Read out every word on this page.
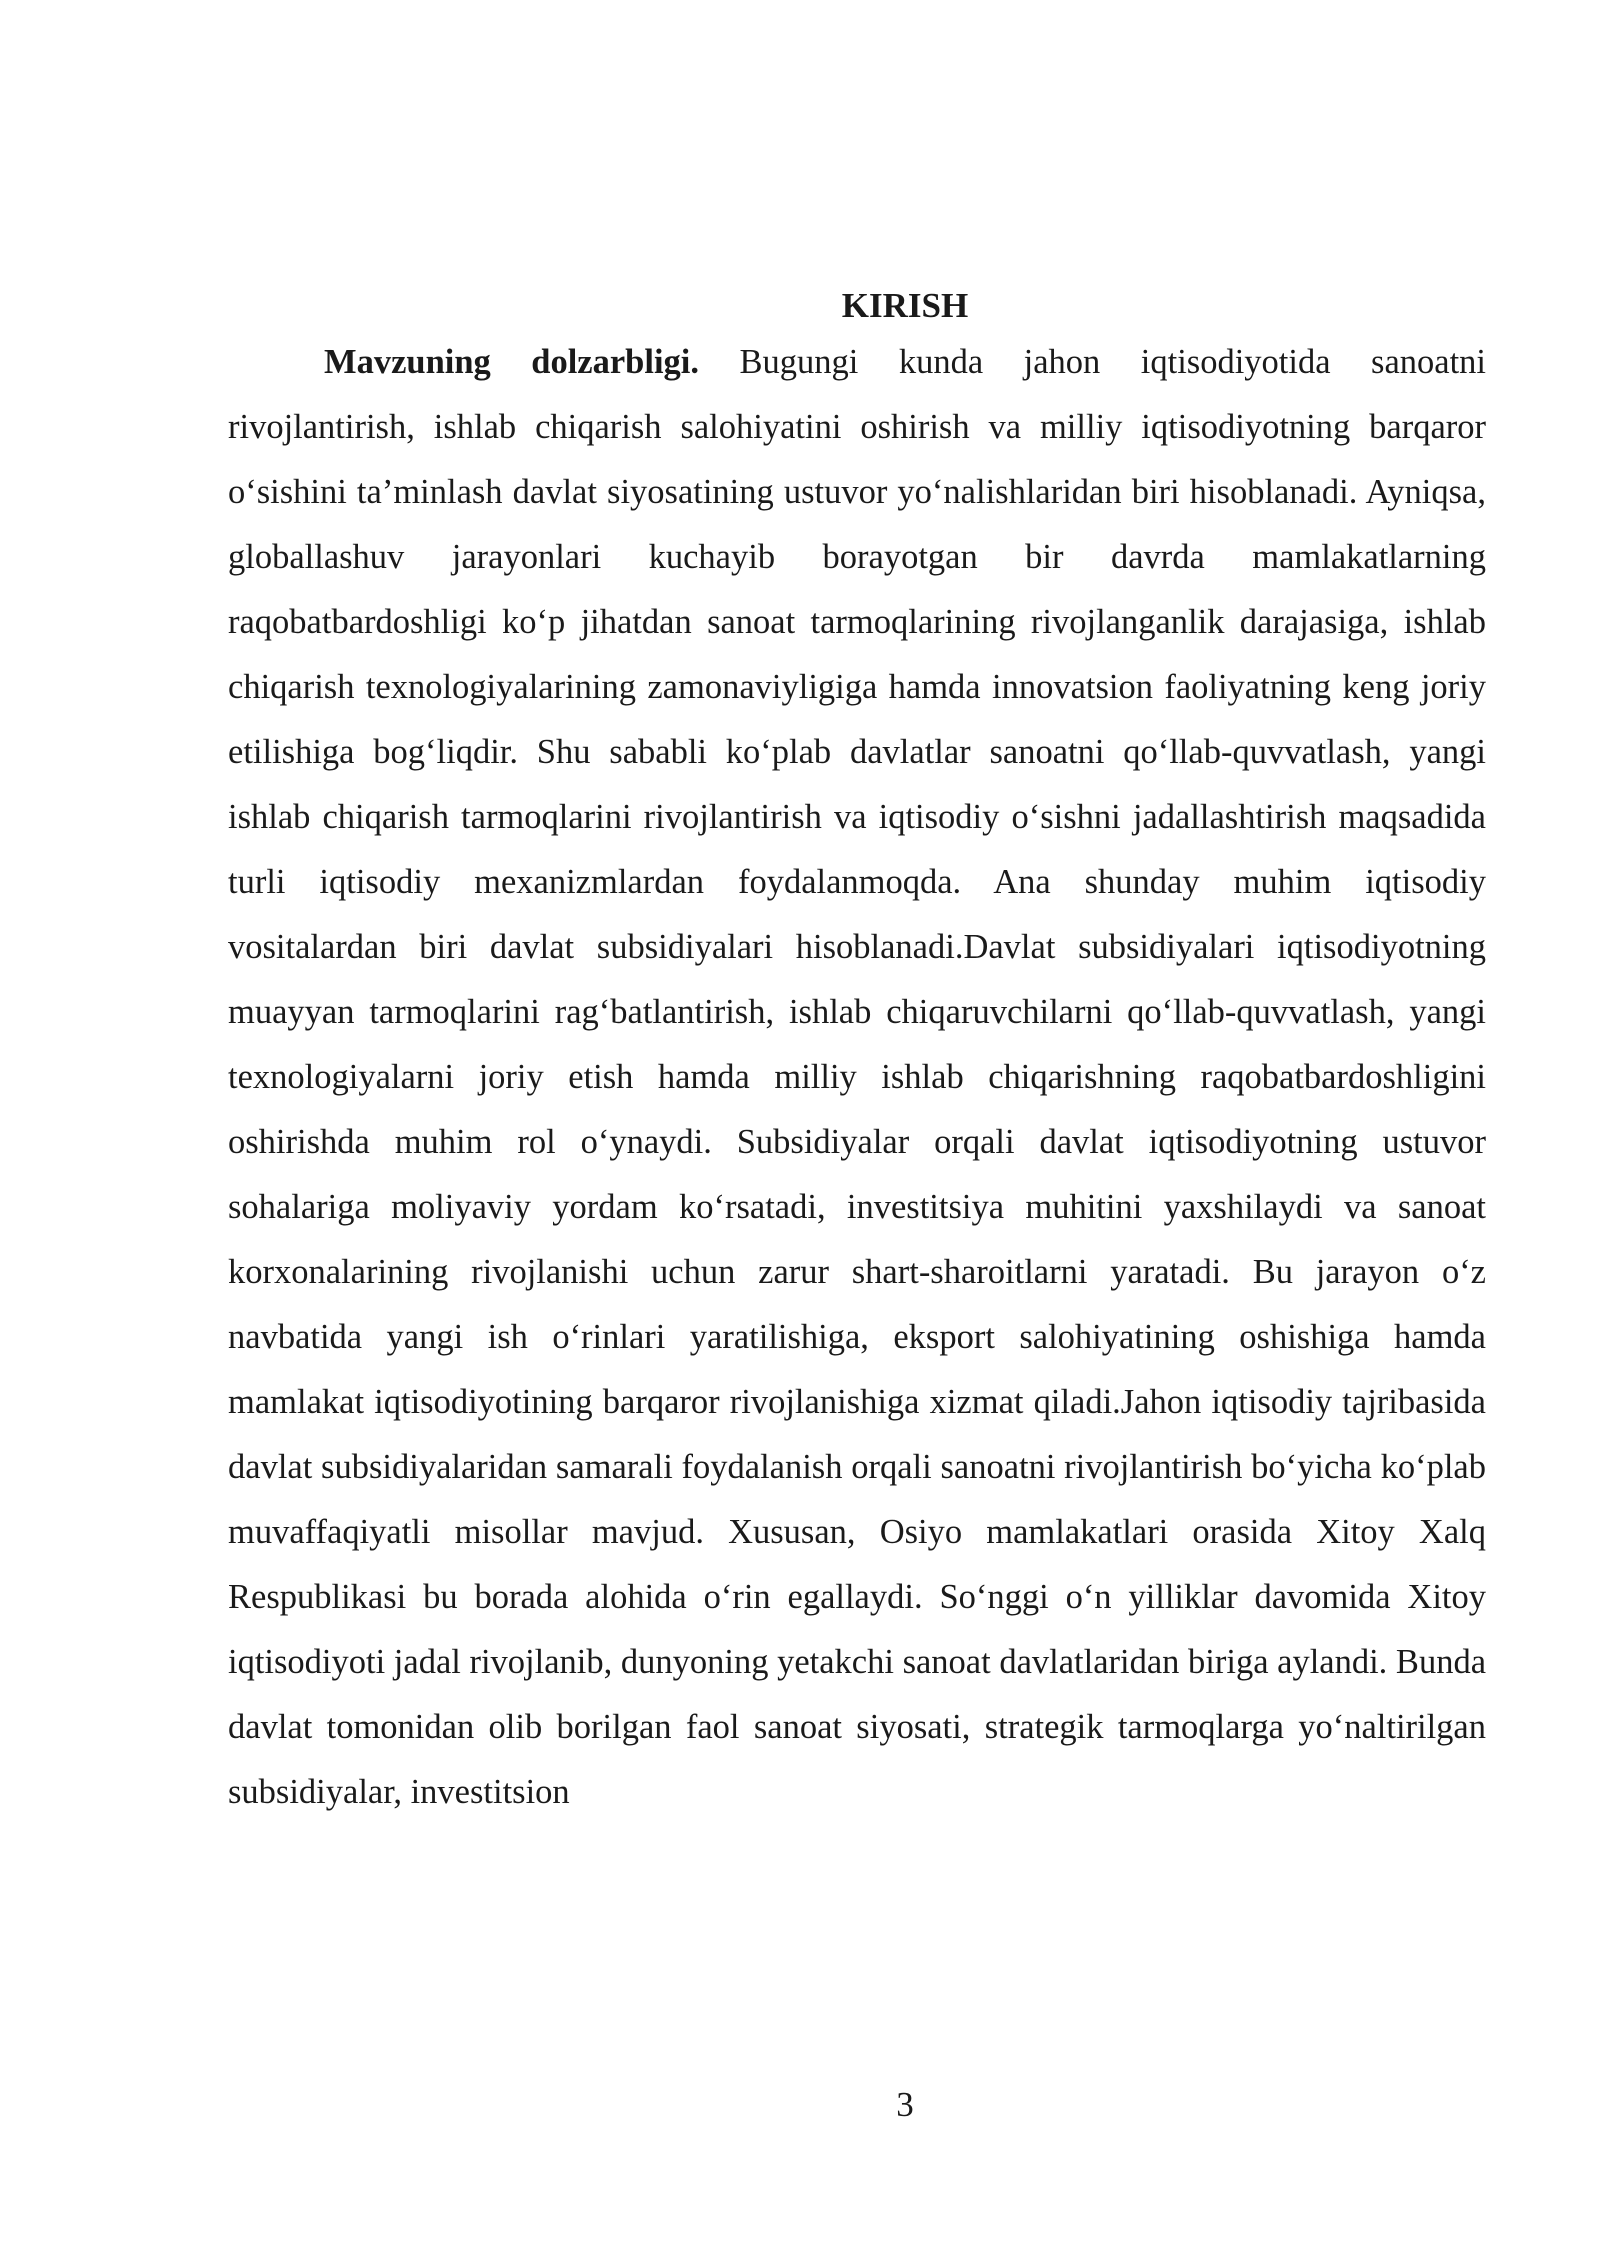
KIRISH

Mavzuning dolzarbligi. Bugungi kunda jahon iqtisodiyotida sanoatni rivojlantirish, ishlab chiqarish salohiyatini oshirish va milliy iqtisodiyotning barqaror o‘sishini ta’minlash davlat siyosatining ustuvor yo‘nalishlaridan biri hisoblanadi. Ayniqsa, globallashuv jarayonlari kuchayib borayotgan bir davrda mamlakatlarning raqobatbardoshligi ko‘p jihatdan sanoat tarmoqlarining rivojlanganlik darajasiga, ishlab chiqarish texnologiyalarining zamonaviyligiga hamda innovatsion faoliyatning keng joriy etilishiga bog‘liqdir. Shu sababli ko‘plab davlatlar sanoatni qo‘llab-quvvatlash, yangi ishlab chiqarish tarmoqlarini rivojlantirish va iqtisodiy o‘sishni jadallashtirish maqsadida turli iqtisodiy mexanizmlardan foydalanmoqda. Ana shunday muhim iqtisodiy vositalardan biri davlat subsidiyalari hisoblanadi.Davlat subsidiyalari iqtisodiyotning muayyan tarmoqlarini rag‘batlantirish, ishlab chiqaruvchilarni qo‘llab-quvvatlash, yangi texnologiyalarni joriy etish hamda milliy ishlab chiqarishning raqobatbardoshligini oshirishda muhim rol o‘ynaydi. Subsidiyalar orqali davlat iqtisodiyotning ustuvor sohalariga moliyaviy yordam ko‘rsatadi, investitsiya muhitini yaxshilaydi va sanoat korxonalarining rivojlanishi uchun zarur shart-sharoitlarni yaratadi. Bu jarayon o‘z navbatida yangi ish o‘rinlari yaratilishiga, eksport salohiyatining oshishiga hamda mamlakat iqtisodiyotining barqaror rivojlanishiga xizmat qiladi.Jahon iqtisodiy tajribasida davlat subsidiyalaridan samarali foydalanish orqali sanoatni rivojlantirish bo‘yicha ko‘plab muvaffaqiyatli misollar mavjud. Xususan, Osiyo mamlakatlari orasida Xitoy Xalq Respublikasi bu borada alohida o‘rin egallaydi. So‘nggi o‘n yilliklar davomida Xitoy iqtisodiyoti jadal rivojlanib, dunyoning yetakchi sanoat davlatlaridan biriga aylandi. Bunda davlat tomonidan olib borilgan faol sanoat siyosati, strategik tarmoqlarga yo‘naltirilgan subsidiyalar, investitsion

3
